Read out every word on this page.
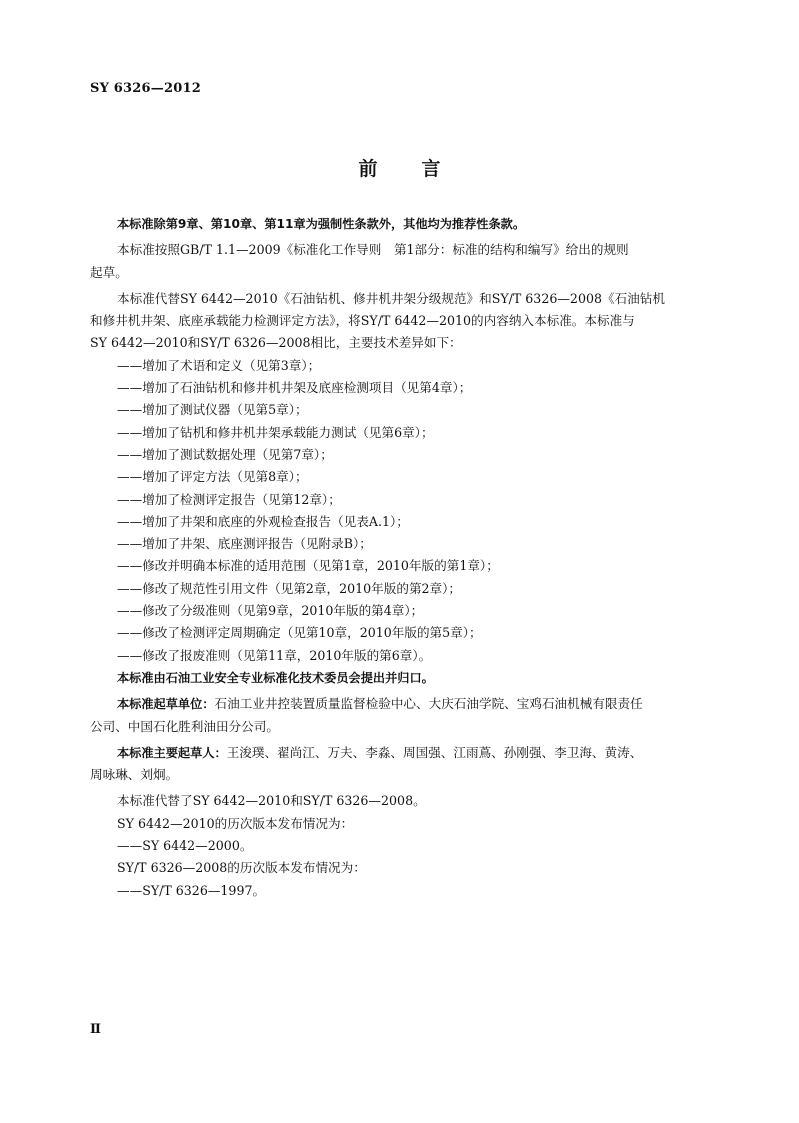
SY 6326—2012
前 言

本标准除第9章、第10章、第11章为强制性条款外，其他均为推荐性条款。

本标准按照GB/T 1.1—2009《标准化工作导则　第1部分：标准的结构和编写》给出的规则

起草。

本标准代替SY 6442—2010《石油钻机、修井机井架分级规范》和SY/T 6326—2008《石油钻机

和修井机井架、底座承载能力检测评定方法》，将SY/T 6442—2010的内容纳入本标准。本标准与

SY 6442—2010和SY/T 6326—2008相比，主要技术差异如下：

——增加了术语和定义（见第3章）；

——增加了石油钻机和修井机井架及底座检测项目（见第4章）；

——增加了测试仪器（见第5章）；

——增加了钻机和修井机井架承载能力测试（见第6章）；

——增加了测试数据处理（见第7章）；

——增加了评定方法（见第8章）；

——增加了检测评定报告（见第12章）；

——增加了井架和底座的外观检查报告（见表A.1）；

——增加了井架、底座测评报告（见附录B）；

——修改并明确本标准的适用范围（见第1章，2010年版的第1章）；

——修改了规范性引用文件（见第2章，2010年版的第2章）；

——修改了分级准则（见第9章，2010年版的第4章）；

——修改了检测评定周期确定（见第10章，2010年版的第5章）；

——修改了报废准则（见第11章，2010年版的第6章）。

本标准由石油工业安全专业标准化技术委员会提出并归口。

本标准起草单位：石油工业井控装置质量监督检验中心、大庆石油学院、宝鸡石油机械有限责任

公司、中国石化胜利油田分公司。

本标准主要起草人：王浚璞、翟尚江、万夫、李淼、周国强、江雨蔦、孙刚强、李卫海、黄涛、

周咏琳、刘炯。

本标准代替了SY 6442—2010和SY/T 6326—2008。

SY 6442—2010的历次版本发布情况为：

——SY 6442—2000。

SY/T 6326—2008的历次版本发布情况为：

——SY/T 6326—1997。

Ⅱ
